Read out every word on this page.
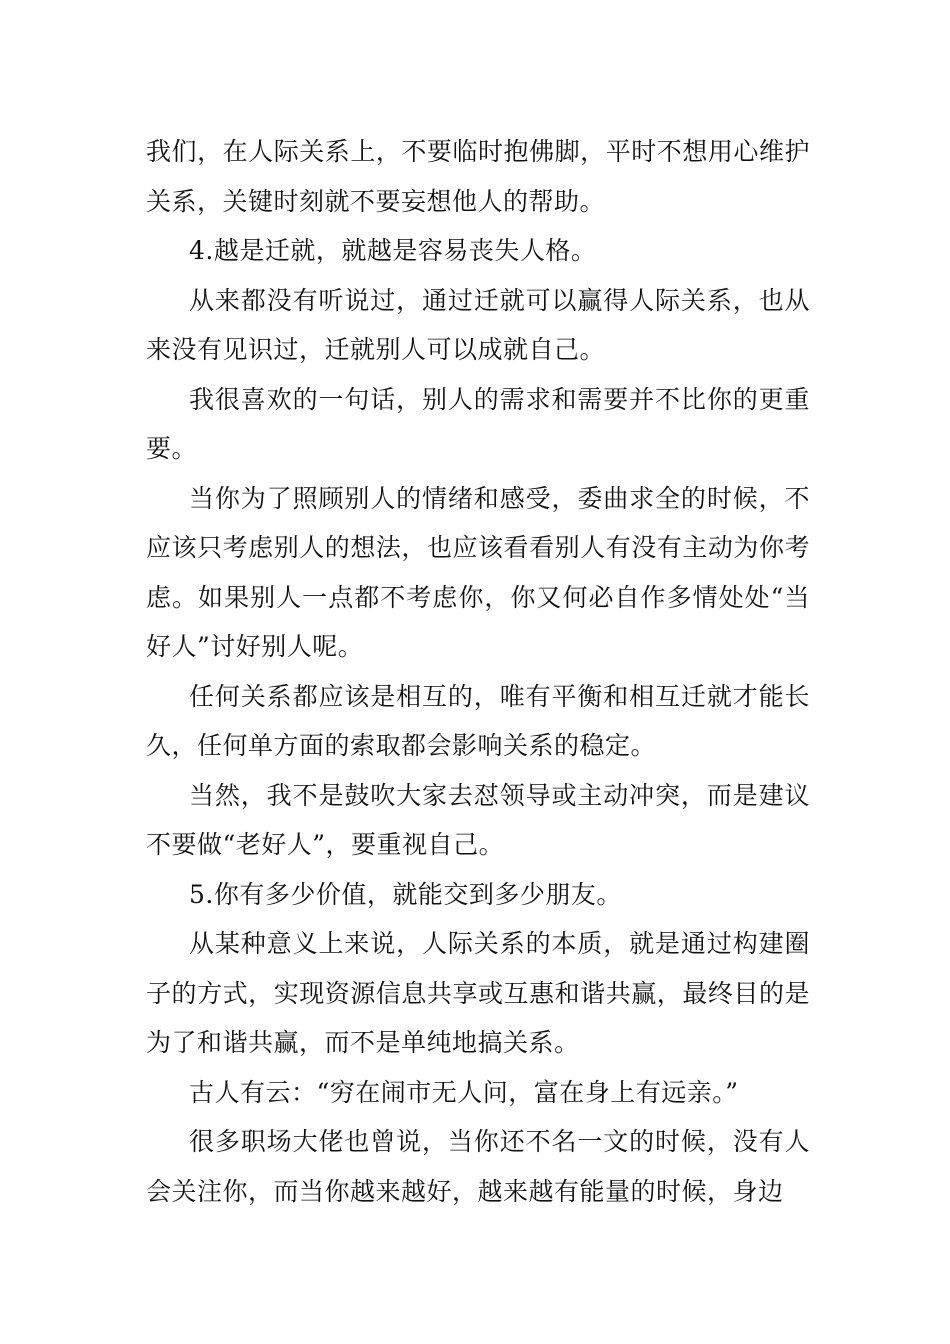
我们，在人际关系上，不要临时抱佛脚，平时不想用心维护关系，关键时刻就不要妄想他人的帮助。

4.越是迁就，就越是容易丧失人格。

从来都没有听说过，通过迁就可以赢得人际关系，也从来没有见识过，迁就别人可以成就自己。

我很喜欢的一句话，别人的需求和需要并不比你的更重要。

当你为了照顾别人的情绪和感受，委曲求全的时候，不应该只考虑别人的想法，也应该看看别人有没有主动为你考虑。如果别人一点都不考虑你，你又何必自作多情处处“当好人”讨好别人呢。

任何关系都应该是相互的，唯有平衡和相互迁就才能长久，任何单方面的索取都会影响关系的稳定。

当然，我不是鼓吹大家去怼领导或主动冲突，而是建议不要做“老好人”，要重视自己。

5.你有多少价值，就能交到多少朋友。

从某种意义上来说，人际关系的本质，就是通过构建圈子的方式，实现资源信息共享或互惠和谐共赢，最终目的是为了和谐共赢，而不是单纯地搞关系。

古人有云：“穷在闹市无人问，富在身上有远亲。”

很多职场大佬也曾说，当你还不名一文的时候，没有人会关注你，而当你越来越好，越来越有能量的时候，身边
